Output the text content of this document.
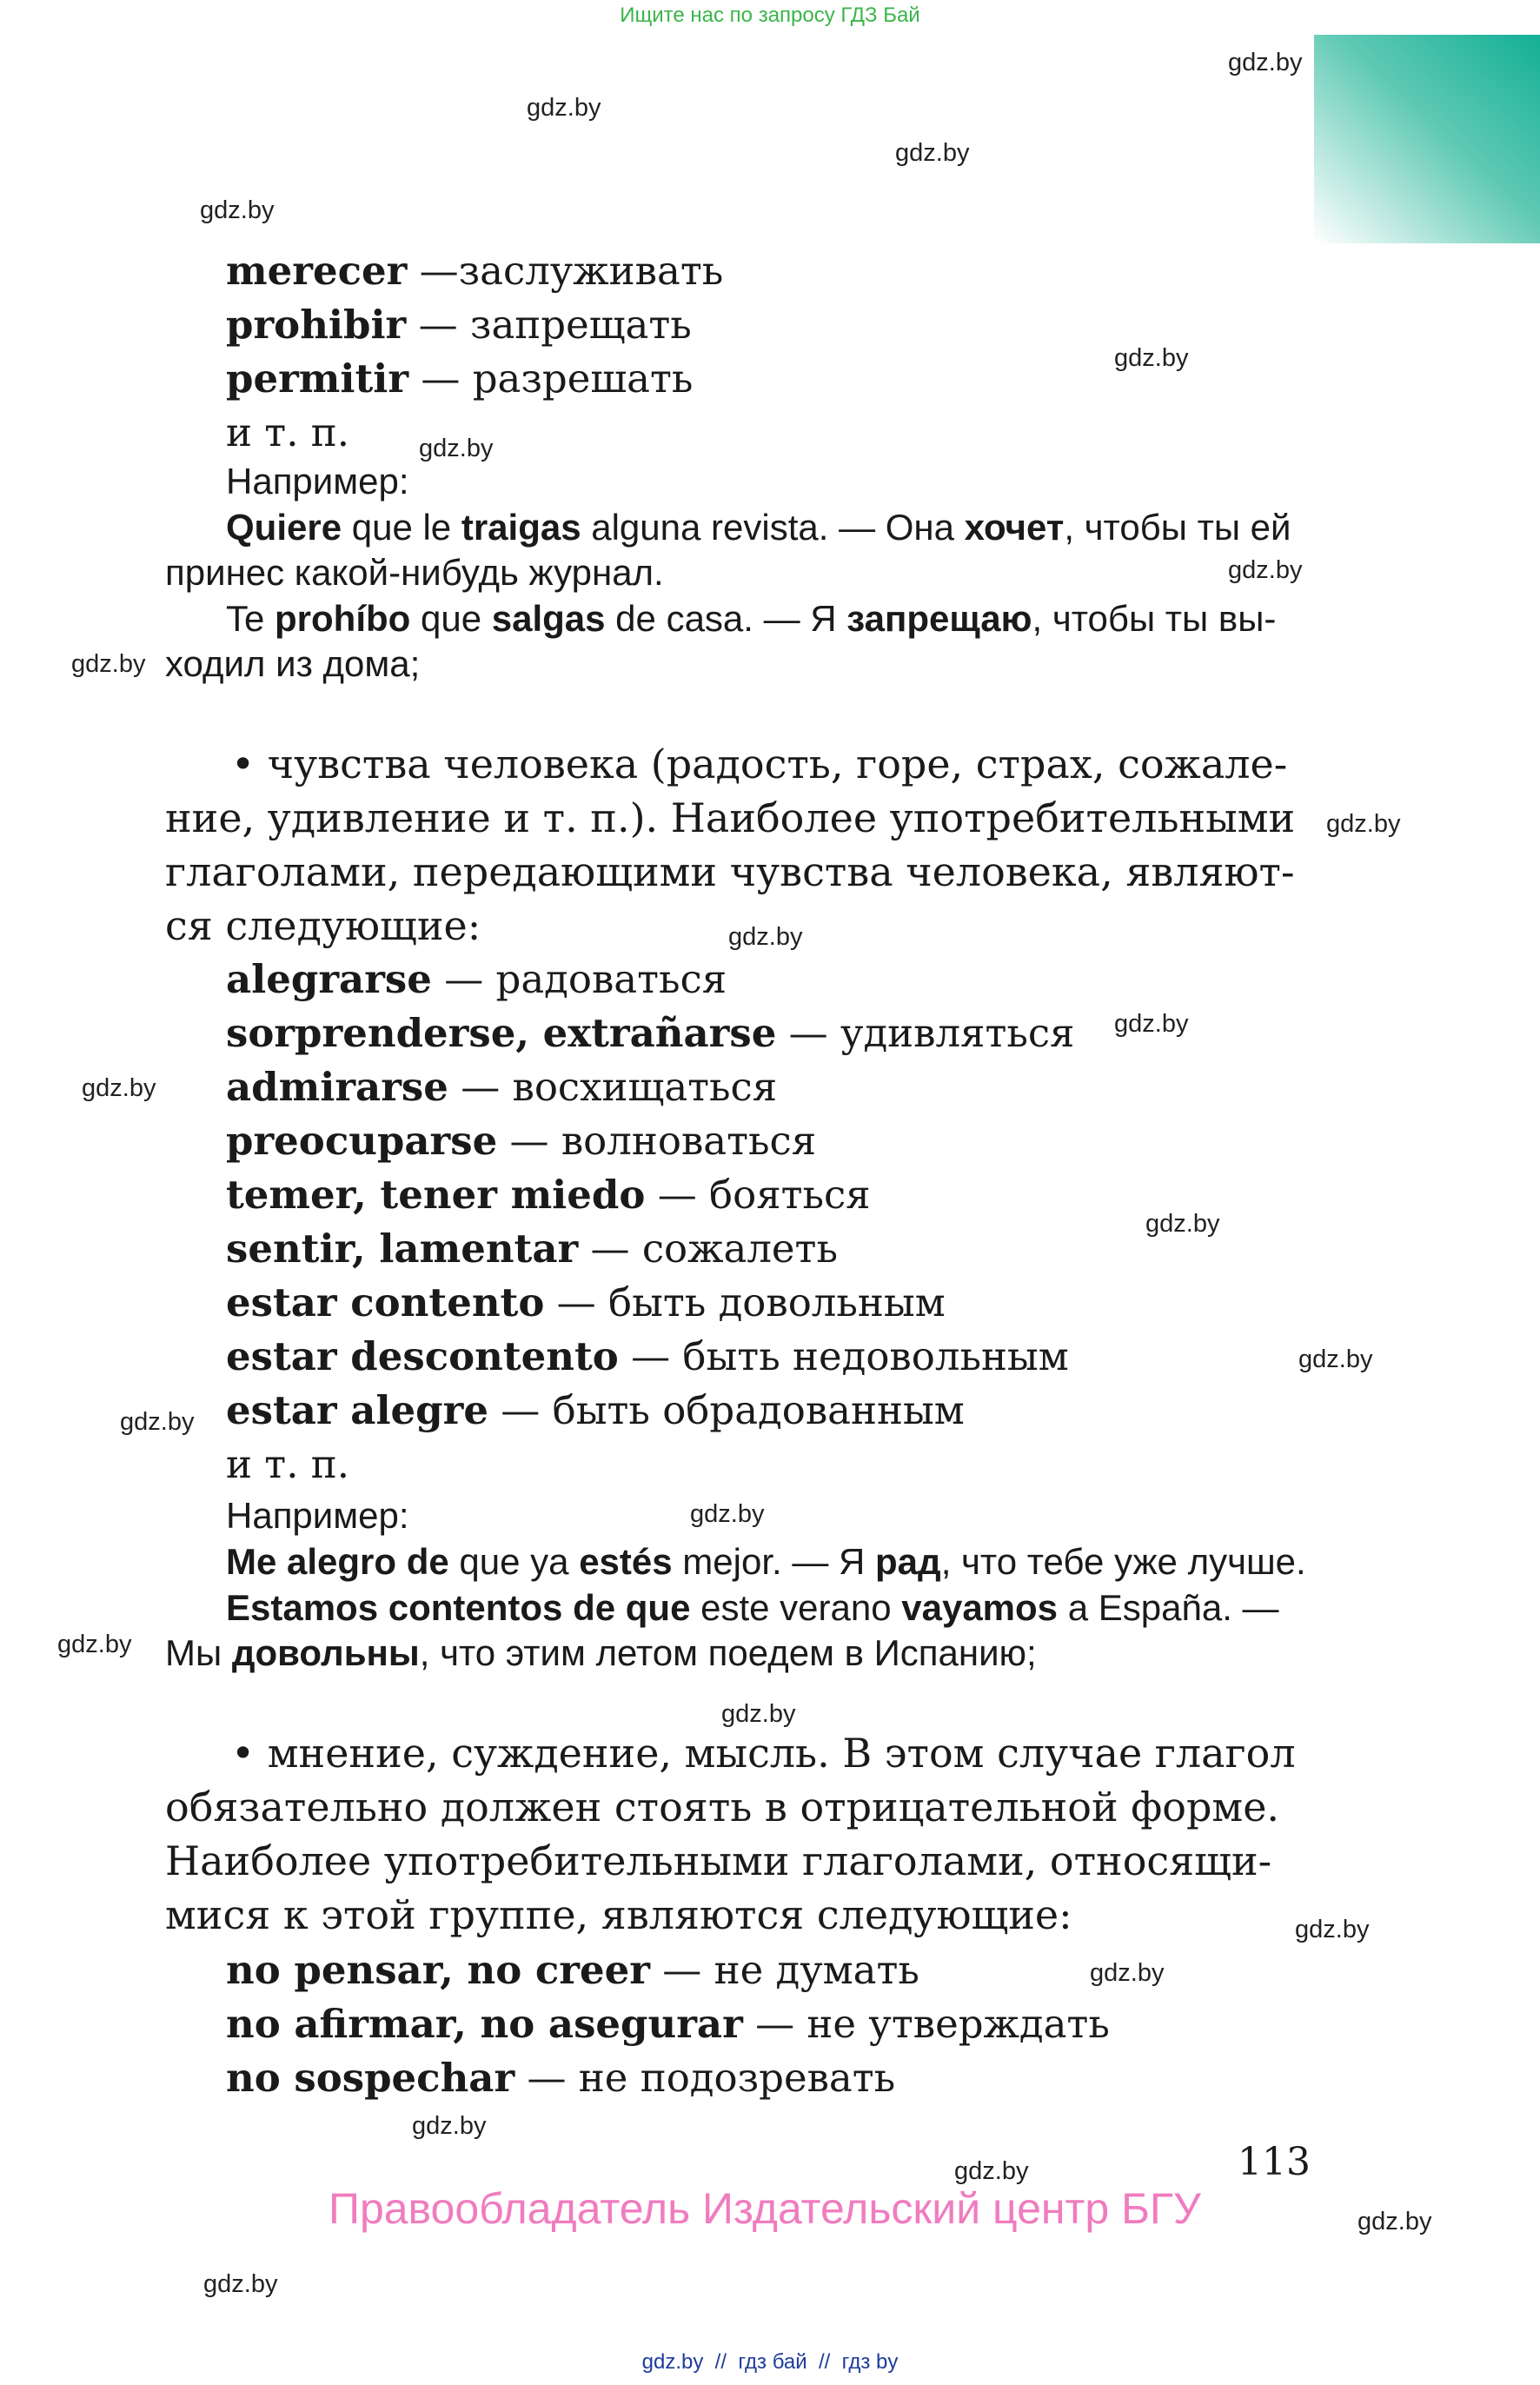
Ищите нас по запросу ГДЗ Бай
gdz.by
gdz.by
gdz.by
gdz.by
gdz.by
gdz.by
gdz.by
gdz.by
gdz.by
gdz.by
gdz.by
gdz.by
gdz.by
gdz.by
gdz.by
gdz.by
gdz.by
gdz.by
gdz.by
gdz.by
gdz.by
gdz.by
gdz.by
gdz.by
merecer —заслуживать
prohibir — запрещать
permitir — разрешать
и т. п.
Например:
Quiere que le traigas alguna revista. — Она хочет, чтобы ты ей
принес какой-нибудь журнал.
Te prohíbo que salgas de casa. — Я запрещаю, чтобы ты вы-
ходил из дома;
• чувства человека (радость, горе, страх, сожале-
ние, удивление и т. п.). Наиболее употребительными
глаголами, передающими чувства человека, являют-
ся следующие:
alegrarse — радоваться
sorprenderse, extrañarse — удивляться
admirarse — восхищаться
preocuparse — волноваться
temer, tener miedo — бояться
sentir, lamentar — сожалеть
estar contento — быть довольным
estar descontento — быть недовольным
estar alegre — быть обрадованным
и т. п.
Например:
Me alegro de que ya estés mejor. — Я рад, что тебе уже лучше.
Estamos contentos de que este verano vayamos a España. —
Мы довольны, что этим летом поедем в Испанию;
• мнение, суждение, мысль. В этом случае глагол
обязательно должен стоять в отрицательной форме.
Наиболее употребительными глаголами, относящи-
мися к этой группе, являются следующие:
no pensar, no creer — не думать
no afirmar, no asegurar — не утверждать
no sospechar — не подозревать
113
Правообладатель Издательский центр БГУ
gdz.by  //  гдз бай  //  гдз by
